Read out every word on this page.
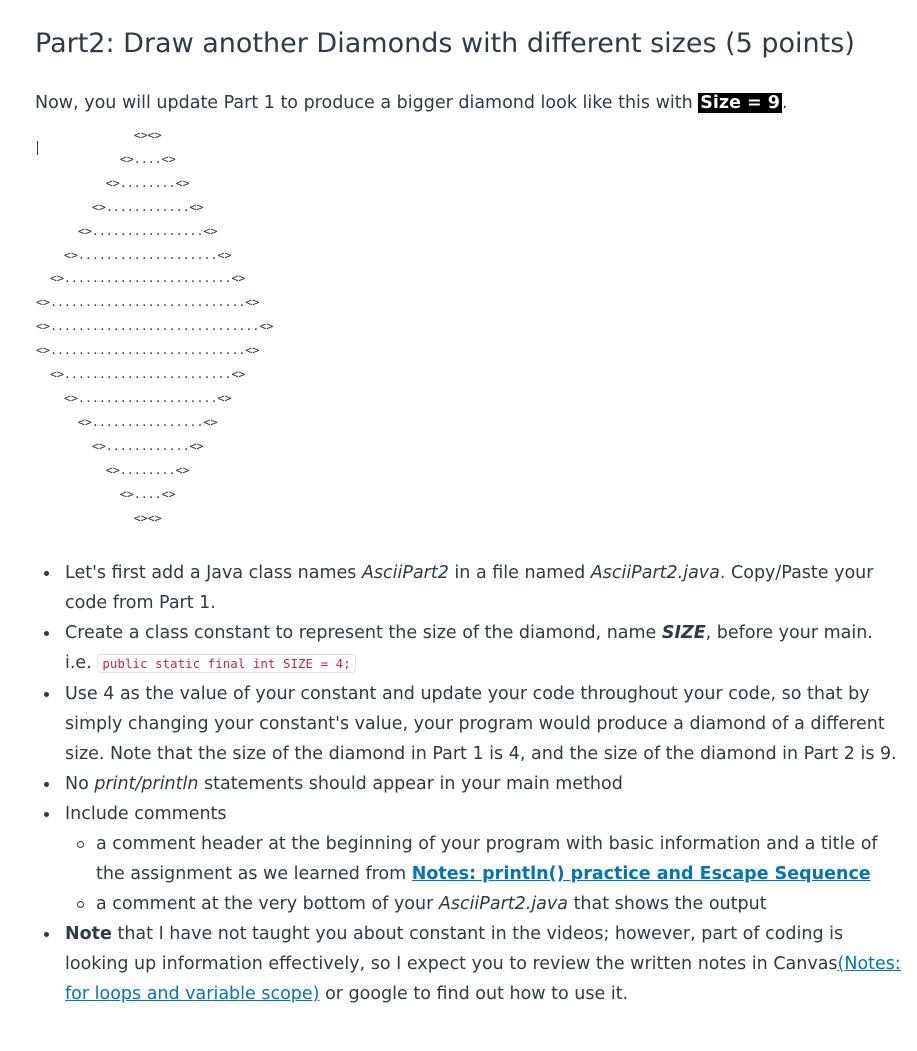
Part2: Draw another Diamonds with different sizes (5 points)
Now, you will update Part 1 to produce a bigger diamond look like this with Size = 9 .
<><>
<>....<>
<>........<>
<>............<>
<>................<>
<>....................<>
<>........................<>
<>............................<>
<>..............................<>
<>............................<>
<>........................<>
<>....................<>
<>................<>
<>............<>
<>........<>
<>....<>
<><>
Let's first add a Java class names AsciiPart2 in a file named AsciiPart2.java. Copy/Paste your code from Part 1.
Create a class constant to represent the size of the diamond, name SIZE, before your main. i.e. public static final int SIZE = 4;
Use 4 as the value of your constant and update your code throughout your code, so that by simply changing your constant's value, your program would produce a diamond of a different size. Note that the size of the diamond in Part 1 is 4, and the size of the diamond in Part 2 is 9.
No print/println statements should appear in your main method
Include comments
a comment header at the beginning of your program with basic information and a title of the assignment as we learned from Notes: println() practice and Escape Sequence
a comment at the very bottom of your AsciiPart2.java that shows the output
Note that I have not taught you about constant in the videos; however, part of coding is looking up information effectively, so I expect you to review the written notes in Canvas(Notes: for loops and variable scope) or google to find out how to use it.
